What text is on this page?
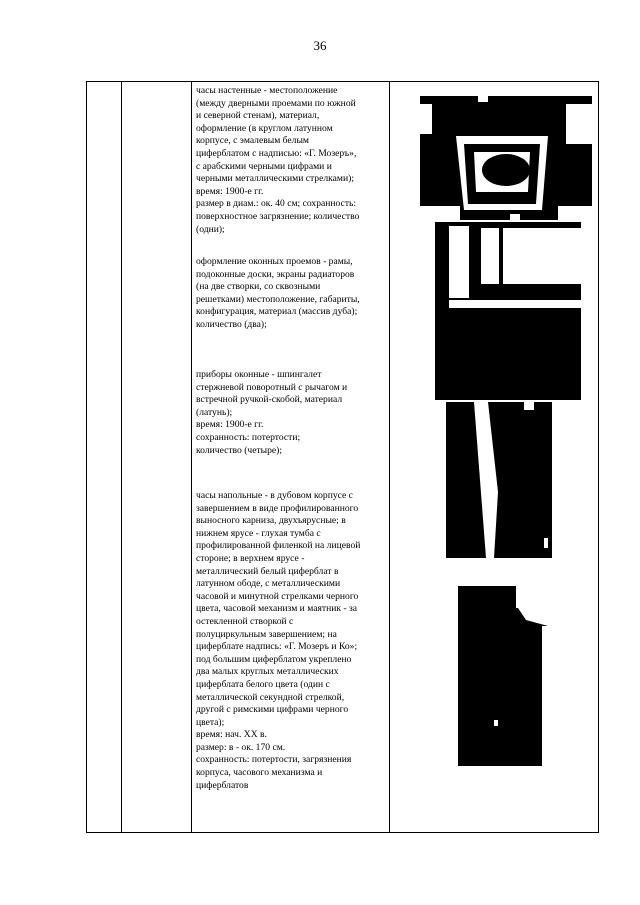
36
часы настенные - местоположение
(между дверными проемами по южной
и северной стенам), материал,
оформление (в круглом латунном
корпусе, с эмалевым белым
циферблатом с надписью: «Г. Мозеръ»,
с арабскими черными цифрами и
черными металлическими стрелками);
время: 1900-е гг.
размер в диам.: ок. 40 см; сохранность:
поверхностное загрязнение; количество
(одни);
оформление оконных проемов - рамы,
подоконные доски, экраны радиаторов
(на две створки, со сквозными
решетками) местоположение, габариты,
конфигурация, материал (массив дуба);
количество (два);
приборы оконные - шпингалет
стержневой поворотный с рычагом и
встречной ручкой-скобой, материал
(латунь);
время: 1900-е гг.
сохранность: потертости;
количество (четыре);
часы напольные - в дубовом корпусе с
завершением в виде профилированного
выносного карниза, двухъярусные; в
нижнем ярусе - глухая тумба с
профилированной филенкой на лицевой
стороне; в верхнем ярусе -
металлический белый циферблат в
латунном ободе, с металлическими
часовой и минутной стрелками черного
цвета, часовой механизм и маятник - за
остекленной створкой с
полуциркульным завершением; на
циферблате надпись: «Г. Мозеръ и Ко»;
под большим циферблатом укреплено
два малых круглых металлических
циферблата белого цвета (один с
металлической секундной стрелкой,
другой с римскими цифрами черного
цвета);
время: нач. XX в.
размер: в - ок. 170 см.
сохранность: потертости, загрязнения
корпуса, часового механизма и
циферблатов
